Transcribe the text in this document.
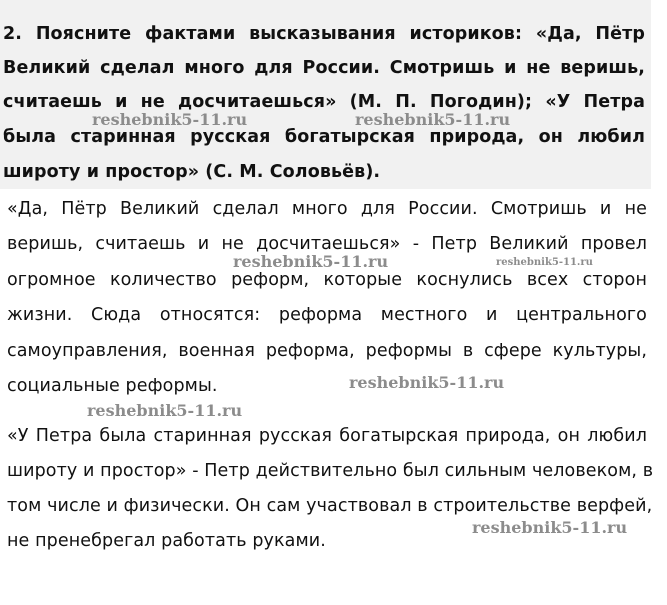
2. Поясните фактами высказывания историков: «Да, Пётр
Великий сделал много для России. Смотришь и не веришь,
считаешь и не досчитаешься» (М. П. Погодин); «У Петра
была старинная русская богатырская природа, он любил
широту и простор» (С. М. Соловьёв).
«Да, Пётр Великий сделал много для России. Смотришь и не
веришь, считаешь и не досчитаешься» - Петр Великий провел
огромное количество реформ, которые коснулись всех сторон
жизни. Сюда относятся: реформа местного и центрального
самоуправления, военная реформа, реформы в сфере культуры,
социальные реформы.
«У Петра была старинная русская богатырская природа, он любил
широту и простор» - Петр действительно был сильным человеком, в
том числе и физически. Он сам участвовал в строительстве верфей,
не пренебрегал работать руками.
reshebnik5-11.ru	reshebnik5-11.ru
reshebnik5-11.ru	reshebnik5-11.ru
reshebnik5-11.ru
reshebnik5-11.ru
reshebnik5-11.ru
